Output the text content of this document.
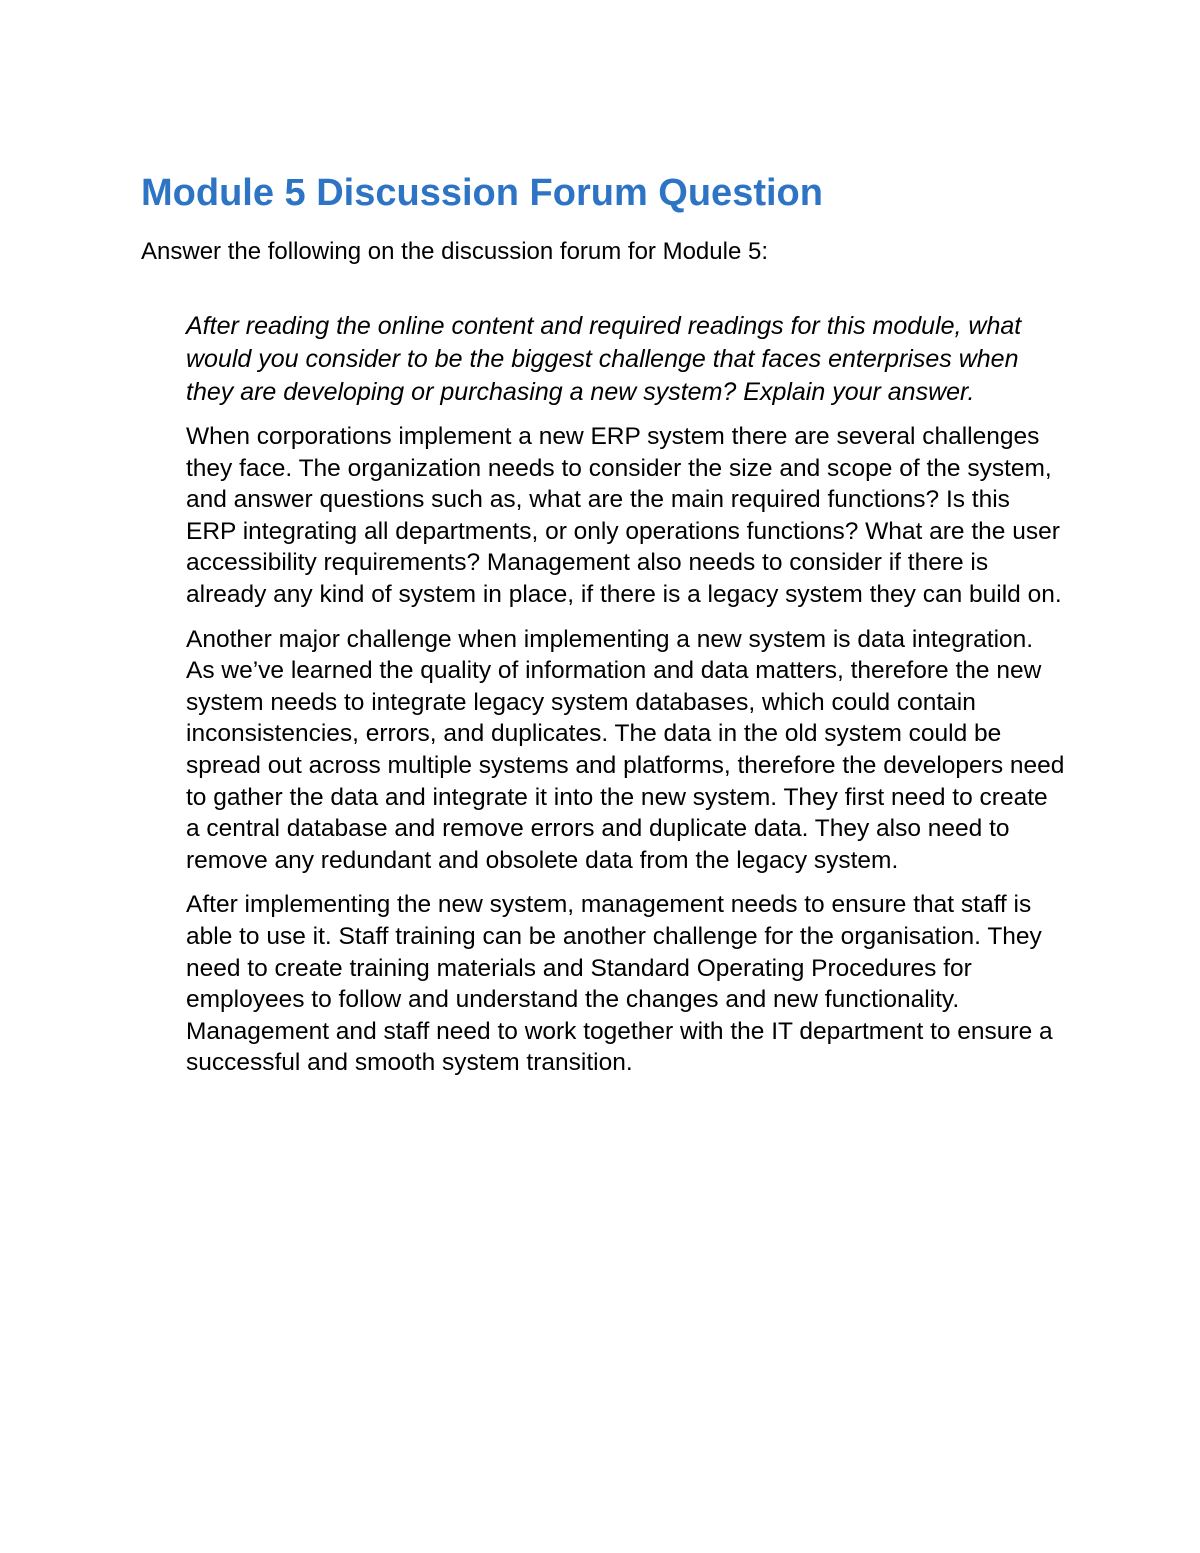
Module 5 Discussion Forum Question

Answer the following on the discussion forum for Module 5:

After reading the online content and required readings for this module, what would you consider to be the biggest challenge that faces enterprises when they are developing or purchasing a new system? Explain your answer.

When corporations implement a new ERP system there are several challenges they face. The organization needs to consider the size and scope of the system, and answer questions such as, what are the main required functions? Is this ERP integrating all departments, or only operations functions? What are the user accessibility requirements? Management also needs to consider if there is already any kind of system in place, if there is a legacy system they can build on.

Another major challenge when implementing a new system is data integration. As we’ve learned the quality of information and data matters, therefore the new system needs to integrate legacy system databases, which could contain inconsistencies, errors, and duplicates. The data in the old system could be spread out across multiple systems and platforms, therefore the developers need to gather the data and integrate it into the new system. They first need to create a central database and remove errors and duplicate data. They also need to remove any redundant and obsolete data from the legacy system.

After implementing the new system, management needs to ensure that staff is able to use it. Staff training can be another challenge for the organisation. They need to create training materials and Standard Operating Procedures for employees to follow and understand the changes and new functionality. Management and staff need to work together with the IT department to ensure a successful and smooth system transition.
